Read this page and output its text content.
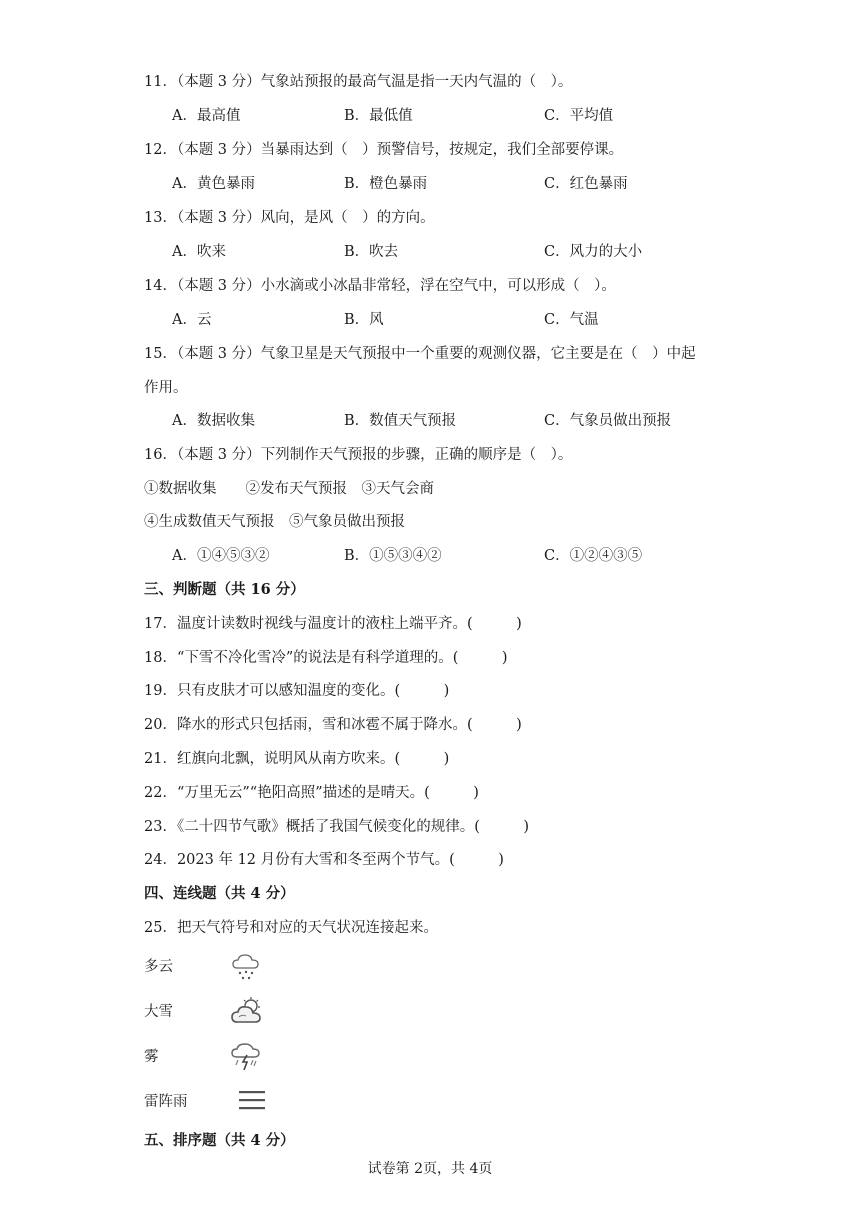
11．（本题 3 分）气象站预报的最高气温是指一天内气温的（　）。
A．最高值	B．最低值	C．平均值
12．（本题 3 分）当暴雨达到（　）预警信号，按规定，我们全部要停课。
A．黄色暴雨	B．橙色暴雨	C．红色暴雨
13．（本题 3 分）风向，是风（　）的方向。
A．吹来	B．吹去	C．风力的大小
14．（本题 3 分）小水滴或小冰晶非常轻，浮在空气中，可以形成（　）。
A．云	B．风	C．气温
15．（本题 3 分）气象卫星是天气预报中一个重要的观测仪器，它主要是在（　）中起
作用。
A．数据收集	B．数值天气预报	C．气象员做出预报
16．（本题 3 分）下列制作天气预报的步骤，正确的顺序是（　）。
①数据收集　　②发布天气预报　③天气会商
④生成数值天气预报　⑤气象员做出预报
A．①④⑤③②	B．①⑤③④②	C．①②④③⑤
三、判断题（共 16 分）
17．温度计读数时视线与温度计的液柱上端平齐。(　　　)
18．“下雪不冷化雪冷”的说法是有科学道理的。(　　　)
19．只有皮肤才可以感知温度的变化。(　　　)
20．降水的形式只包括雨，雪和冰雹不属于降水。(　　　)
21．红旗向北飘，说明风从南方吹来。(　　　)
22．“万里无云”“艳阳高照”描述的是晴天。(　　　)
23．《二十四节气歌》概括了我国气候变化的规律。(　　　)
24．2023 年 12 月份有大雪和冬至两个节气。(　　　)
四、连线题（共 4 分）
25．把天气符号和对应的天气状况连接起来。
多云
大雪
雾
雷阵雨
五、排序题（共 4 分）
试卷第 2页，共 4页
